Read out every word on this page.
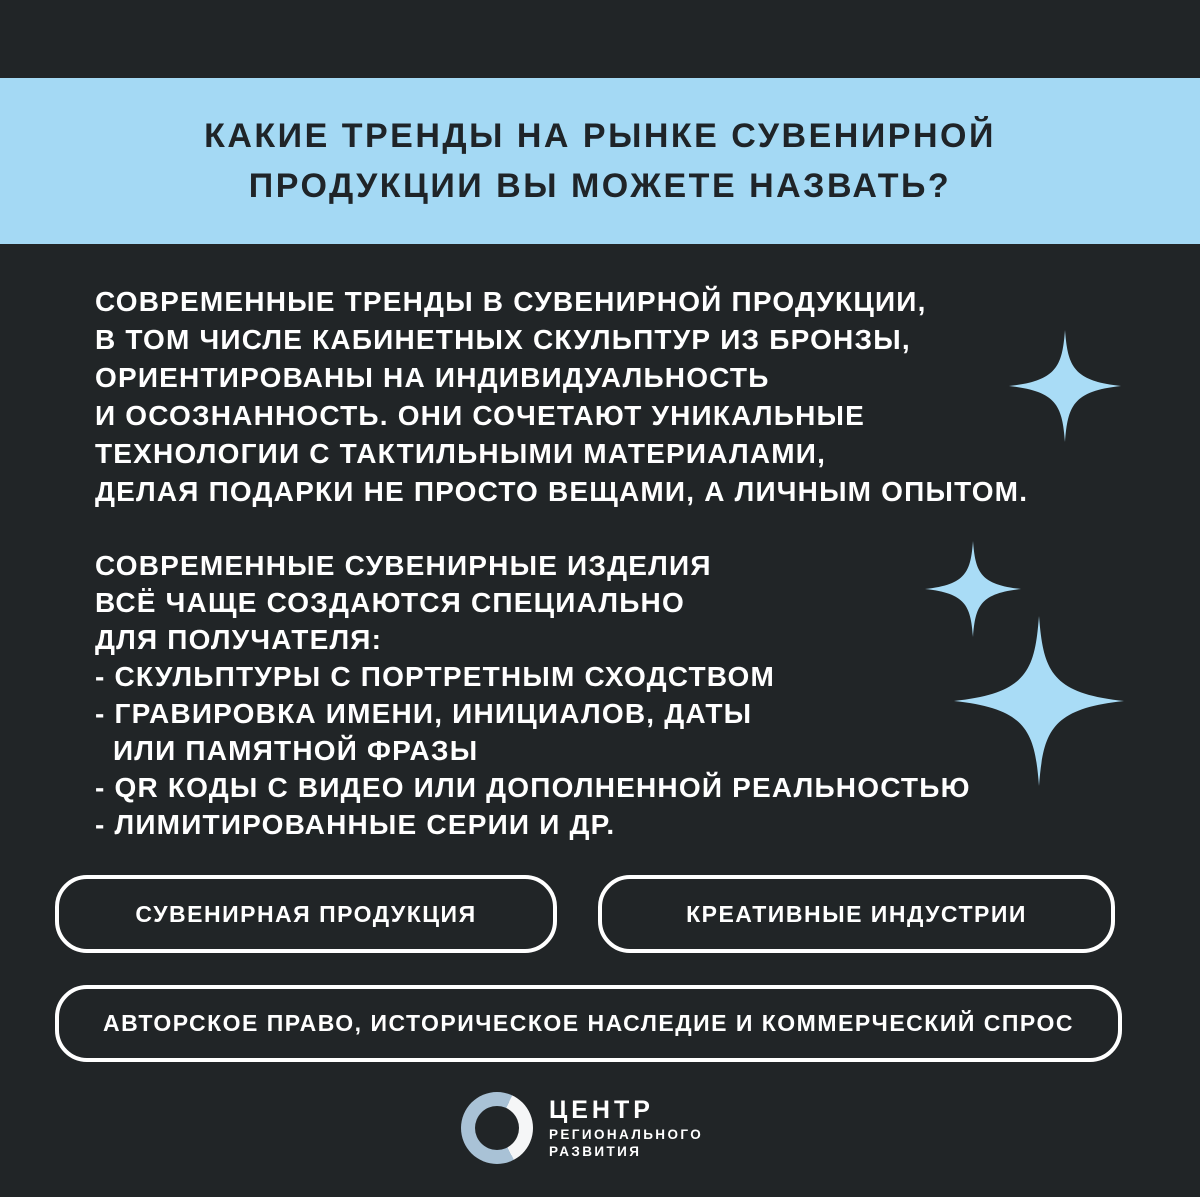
КАКИЕ ТРЕНДЫ НА РЫНКЕ СУВЕНИРНОЙ
ПРОДУКЦИИ ВЫ МОЖЕТЕ НАЗВАТЬ?
СОВРЕМЕННЫЕ ТРЕНДЫ В СУВЕНИРНОЙ ПРОДУКЦИИ,
В ТОМ ЧИСЛЕ КАБИНЕТНЫХ СКУЛЬПТУР ИЗ БРОНЗЫ,
ОРИЕНТИРОВАНЫ НА ИНДИВИДУАЛЬНОСТЬ
И ОСОЗНАННОСТЬ. ОНИ СОЧЕТАЮТ УНИКАЛЬНЫЕ
ТЕХНОЛОГИИ С ТАКТИЛЬНЫМИ МАТЕРИАЛАМИ,
ДЕЛАЯ ПОДАРКИ НЕ ПРОСТО ВЕЩАМИ, А ЛИЧНЫМ ОПЫТОМ.
СОВРЕМЕННЫЕ СУВЕНИРНЫЕ ИЗДЕЛИЯ
ВСЁ ЧАЩЕ СОЗДАЮТСЯ СПЕЦИАЛЬНО
ДЛЯ ПОЛУЧАТЕЛЯ:
- СКУЛЬПТУРЫ С ПОРТРЕТНЫМ СХОДСТВОМ
- ГРАВИРОВКА ИМЕНИ, ИНИЦИАЛОВ, ДАТЫ
ИЛИ ПАМЯТНОЙ ФРАЗЫ
- QR КОДЫ С ВИДЕО ИЛИ ДОПОЛНЕННОЙ РЕАЛЬНОСТЬЮ
- ЛИМИТИРОВАННЫЕ СЕРИИ И ДР.
СУВЕНИРНАЯ ПРОДУКЦИЯ	КРЕАТИВНЫЕ ИНДУСТРИИ
АВТОРСКОЕ ПРАВО, ИСТОРИЧЕСКОЕ НАСЛЕДИЕ И КОММЕРЧЕСКИЙ СПРОС
ЦЕНТР
РЕГИОНАЛЬНОГО
РАЗВИТИЯ
